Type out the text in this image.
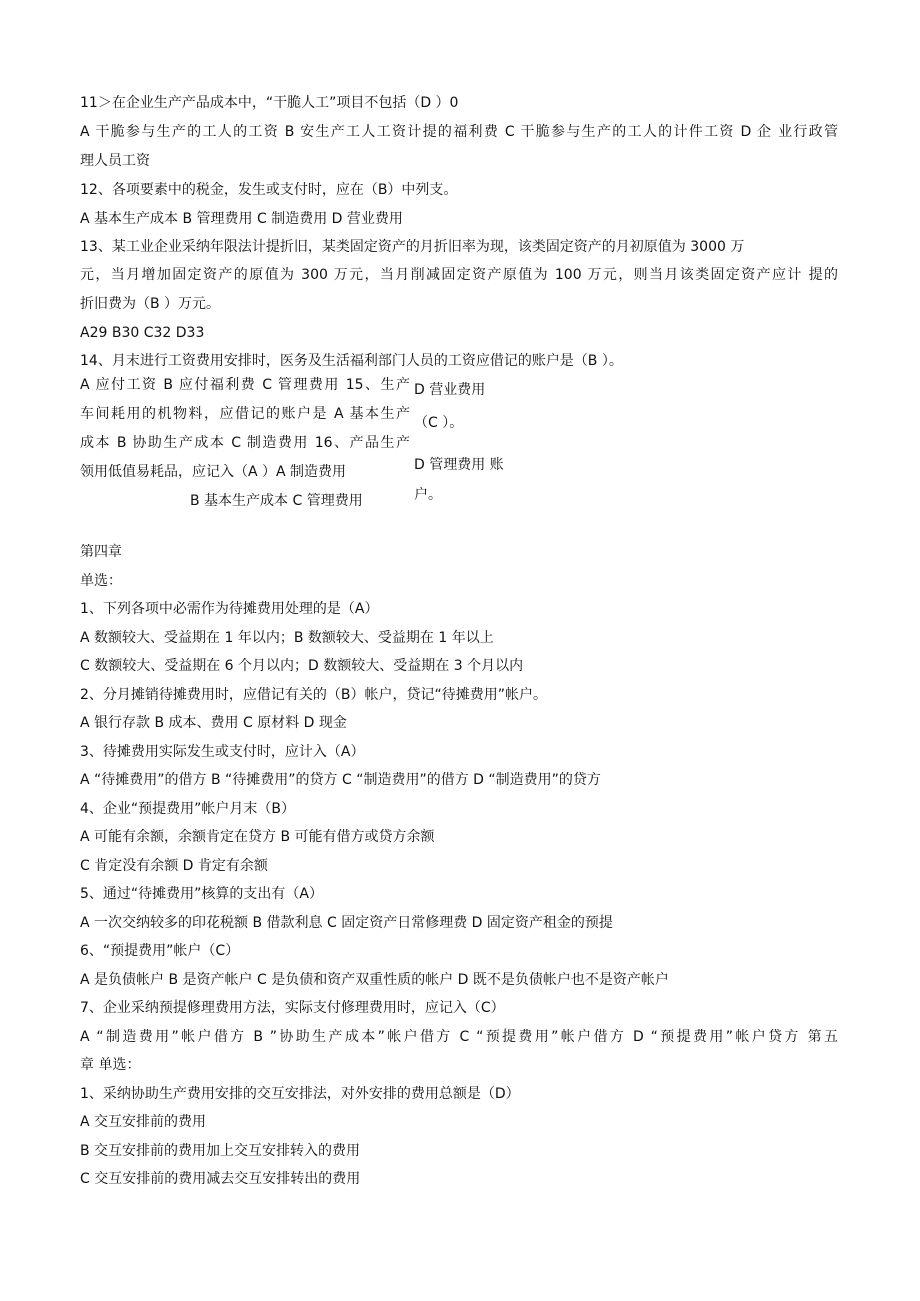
11＞在企业生产产品成本中，“干脆人工”项目不包括（D ）0
A 干脆参与生产的工人的工资 B 安生产工人工资计提的福利费 C 干脆参与生产的工人的计件工资 D 企 业行政管
理人员工资
12、各项要素中的税金，发生或支付时，应在（B）中列支。
A 基本生产成本 B 管理费用 C 制造费用 D 营业费用
13、某工业企业采纳年限法计提折旧，某类固定资产的月折旧率为现，该类固定资产的月初原值为 3000 万
元，当月增加固定资产的原值为 300 万元，当月削减固定资产原值为 100 万元，则当月该类固定资产应计 提的
折旧费为（B ）万元。
A29 B30 C32 D33
14、月末进行工资费用安排时，医务及生活福利部门人员的工资应借记的账户是（B ）。
A 应付工资 B 应付福利费 C 管理费用 15、生产
车间耗用的机物料，应借记的账户是 A 基本生产
成本 B 协助生产成本 C 制造费用 16、产品生产
领用低值易耗品，应记入（A ）A 制造费用
B 基本生产成本 C 管理费用
D 营业费用
（C ）。
D 管理费用 账
户。
第四章
单选：
1、下列各项中必需作为待摊费用处理的是（A）
A 数额较大、受益期在 1 年以内；B 数额较大、受益期在 1 年以上
C 数额较大、受益期在 6 个月以内；D 数额较大、受益期在 3 个月以内
2、分月摊销待摊费用时，应借记有关的（B）帐户，贷记“待摊费用”帐户。
A 银行存款 B 成本、费用 C 原材料 D 现金
3、待摊费用实际发生或支付时，应计入（A）
A “待摊费用”的借方 B “待摊费用”的贷方 C “制造费用”的借方 D “制造费用”的贷方
4、企业“预提费用”帐户月末（B）
A 可能有余额，余额肯定在贷方 B 可能有借方或贷方余额
C 肯定没有余额 D 肯定有余额
5、通过“待摊费用”核算的支出有（A）
A 一次交纳较多的印花税额 B 借款利息 C 固定资产日常修理费 D 固定资产租金的预提
6、“预提费用”帐户（C）
A 是负债帐户 B 是资产帐户 C 是负债和资产双重性质的帐户 D 既不是负债帐户也不是资产帐户
7、企业采纳预提修理费用方法，实际支付修理费用时，应记入（C）
A “制造费用”帐户借方 B ”协助生产成本”帐户借方 C “预提费用”帐户借方 D “预提费用”帐户贷方 第五
章 单选：
1、采纳协助生产费用安排的交互安排法，对外安排的费用总额是（D）
A 交互安排前的费用
B 交互安排前的费用加上交互安排转入的费用
C 交互安排前的费用减去交互安排转出的费用
